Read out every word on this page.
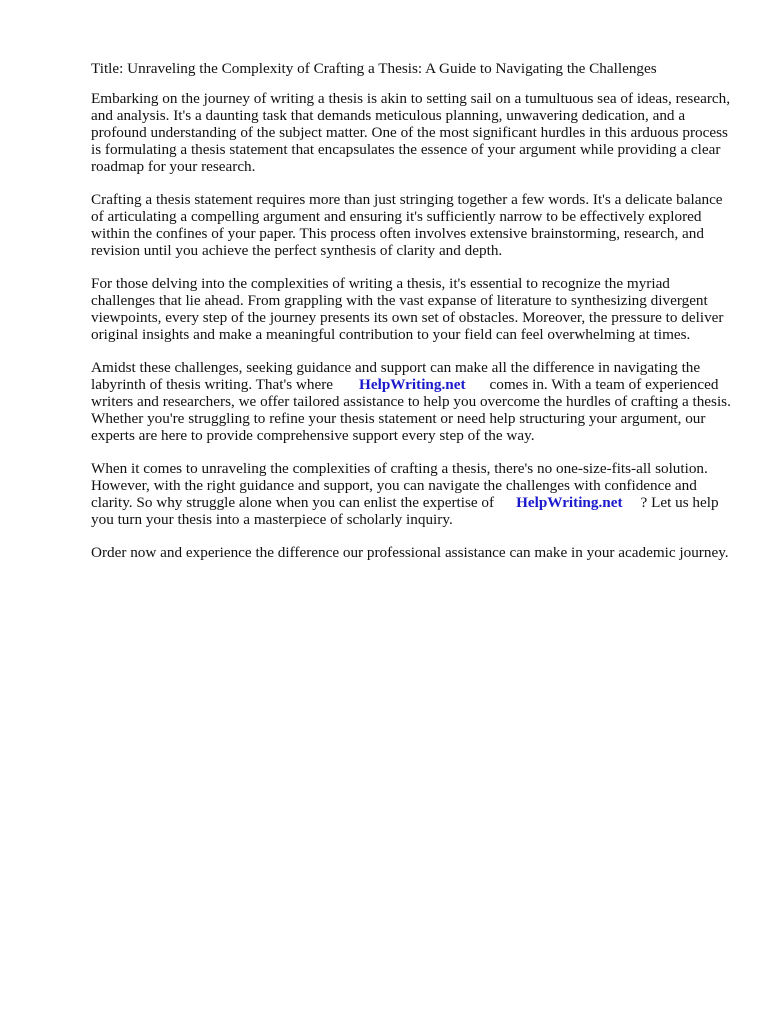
Title: Unraveling the Complexity of Crafting a Thesis: A Guide to Navigating the Challenges

Embarking on the journey of writing a thesis is akin to setting sail on a tumultuous sea of ideas, research, and analysis. It's a daunting task that demands meticulous planning, unwavering dedication, and a profound understanding of the subject matter. One of the most significant hurdles in this arduous process is formulating a thesis statement that encapsulates the essence of your argument while providing a clear roadmap for your research.

Crafting a thesis statement requires more than just stringing together a few words. It's a delicate balance of articulating a compelling argument and ensuring it's sufficiently narrow to be effectively explored within the confines of your paper. This process often involves extensive brainstorming, research, and revision until you achieve the perfect synthesis of clarity and depth.

For those delving into the complexities of writing a thesis, it's essential to recognize the myriad challenges that lie ahead. From grappling with the vast expanse of literature to synthesizing divergent viewpoints, every step of the journey presents its own set of obstacles. Moreover, the pressure to deliver original insights and make a meaningful contribution to your field can feel overwhelming at times.

Amidst these challenges, seeking guidance and support can make all the difference in navigating the labyrinth of thesis writing. That's where HelpWriting.net comes in. With a team of experienced writers and researchers, we offer tailored assistance to help you overcome the hurdles of crafting a thesis. Whether you're struggling to refine your thesis statement or need help structuring your argument, our experts are here to provide comprehensive support every step of the way.

When it comes to unraveling the complexities of crafting a thesis, there's no one-size-fits-all solution. However, with the right guidance and support, you can navigate the challenges with confidence and clarity. So why struggle alone when you can enlist the expertise of HelpWriting.net ? Let us help you turn your thesis into a masterpiece of scholarly inquiry.

Order now and experience the difference our professional assistance can make in your academic journey.
